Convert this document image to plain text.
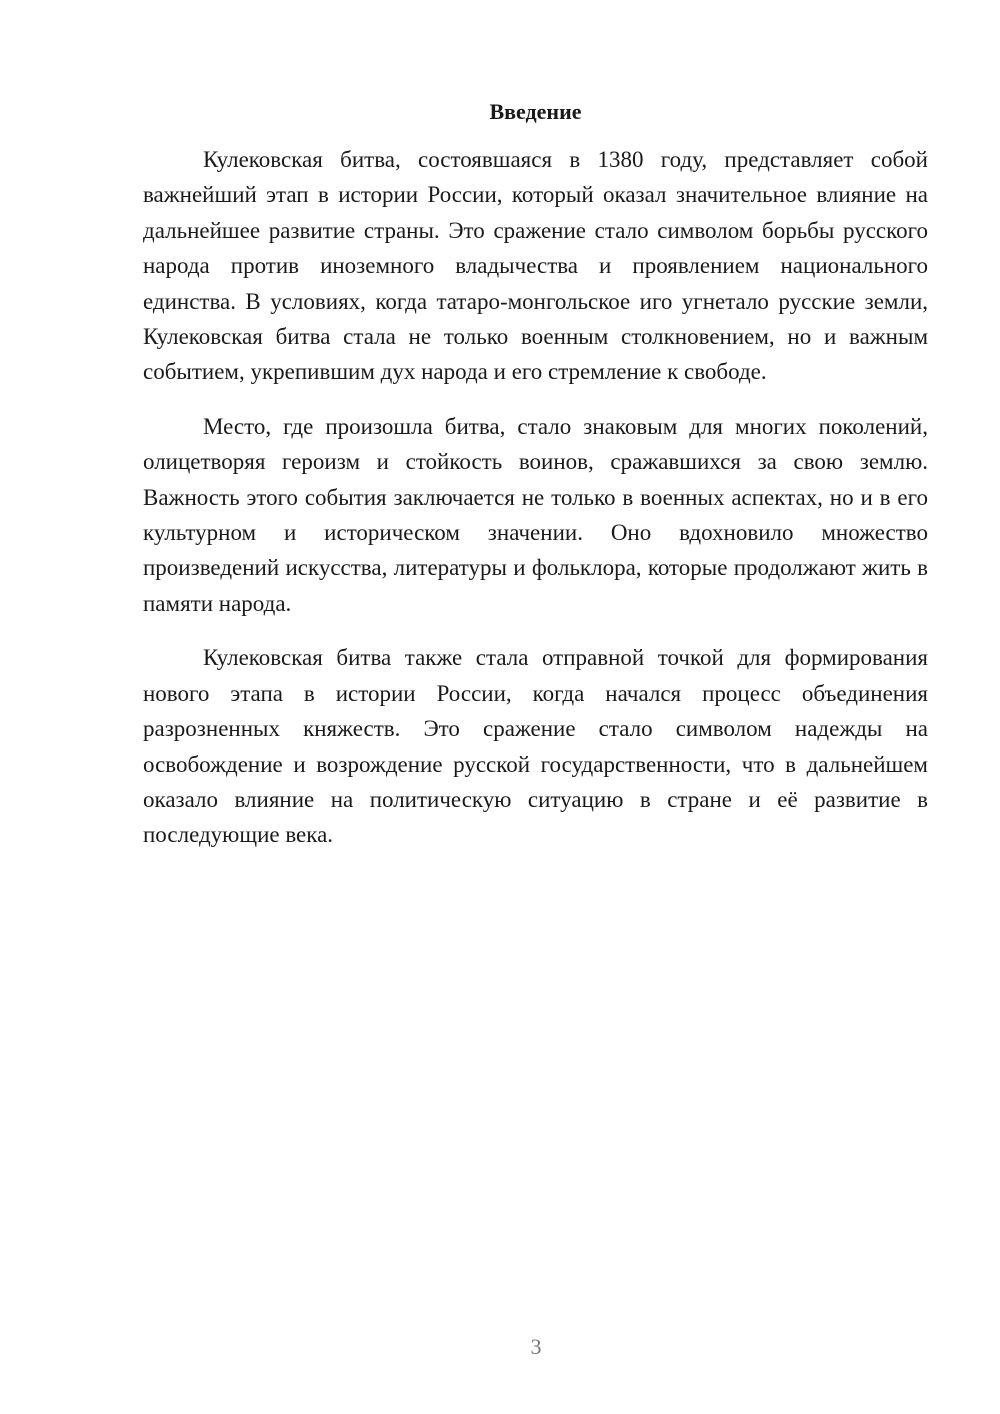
Введение

Кулековская битва, состоявшаяся в 1380 году, представляет собой важнейший этап в истории России, который оказал значительное влияние на дальнейшее развитие страны. Это сражение стало символом борьбы русского народа против иноземного владычества и проявлением национального единства. В условиях, когда татаро-монгольское иго угнетало русские земли, Кулековская битва стала не только военным столкновением, но и важным событием, укрепившим дух народа и его стремление к свободе.

Место, где произошла битва, стало знаковым для многих поколений, олицетворяя героизм и стойкость воинов, сражавшихся за свою землю. Важность этого события заключается не только в военных аспектах, но и в его культурном и историческом значении. Оно вдохновило множество произведений искусства, литературы и фольклора, которые продолжают жить в памяти народа.

Кулековская битва также стала отправной точкой для формирования нового этапа в истории России, когда начался процесс объединения разрозненных княжеств. Это сражение стало символом надежды на освобождение и возрождение русской государственности, что в дальнейшем оказало влияние на политическую ситуацию в стране и её развитие в последующие века.

3
